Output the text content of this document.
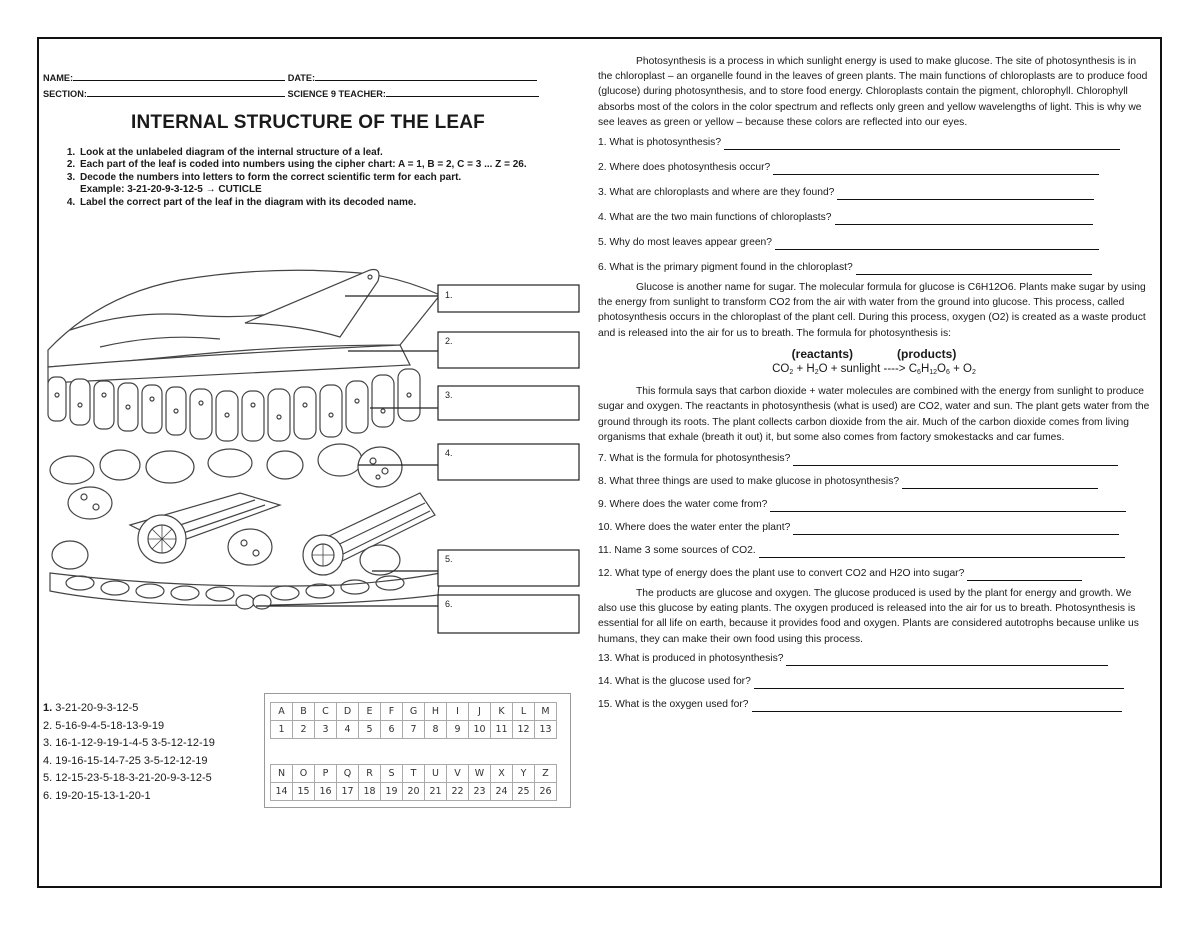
NAME:	DATE:
SECTION:	SCIENCE 9 TEACHER:
INTERNAL STRUCTURE OF THE LEAF
1. Look at the unlabeled diagram of the internal structure of a leaf.
2. Each part of the leaf is coded into numbers using the cipher chart: A = 1, B = 2, C = 3 ... Z = 26.
3. Decode the numbers into letters to form the correct scientific term for each part.
Example: 3-21-20-9-3-12-5 → CUTICLE
4. Label the correct part of the leaf in the diagram with its decoded name.
1.
2.
3.
4.
5.
6.
1. 3-21-20-9-3-12-5
2. 5-16-9-4-5-18-13-9-19
3. 16-1-12-9-19-1-4-5 3-5-12-12-19
4. 19-16-15-14-7-25 3-5-12-12-19
5. 12-15-23-5-18-3-21-20-9-3-12-5
6. 19-20-15-13-1-20-1
A	B	C	D	E	F	G	H	I	J	K	L	M
1	2	3	4	5	6	7	8	9	10	11	12	13
N	O	P	Q	R	S	T	U	V	W	X	Y	Z
14	15	16	17	18	19	20	21	22	23	24	25	26

Photosynthesis is a process in which sunlight energy is used to make glucose. The site of photosynthesis is in the chloroplast – an organelle found in the leaves of green plants. The main functions of chloroplasts are to produce food (glucose) during photosynthesis, and to store food energy. Chloroplasts contain the pigment, chlorophyll. Chlorophyll absorbs most of the colors in the color spectrum and reflects only green and yellow wavelengths of light. This is why we see leaves as green or yellow – because these colors are reflected into our eyes.

1. What is photosynthesis?
2. Where does photosynthesis occur?
3. What are chloroplasts and where are they found?
4. What are the two main functions of chloroplasts?
5. Why do most leaves appear green?
6. What is the primary pigment found in the chloroplast?

Glucose is another name for sugar. The molecular formula for glucose is C6H12O6. Plants make sugar by using the energy from sunlight to transform CO2 from the air with water from the ground into glucose. This process, called photosynthesis occurs in the chloroplast of the plant cell. During this process, oxygen (O2) is created as a waste product and is released into the air for us to breath. The formula for photosynthesis is:

(reactants)	(products)
$CO_2 + H_2O$ + sunlight ----> $C_6H_{12}O_6 + O_2$

This formula says that carbon dioxide + water molecules are combined with the energy from sunlight to produce sugar and oxygen. The reactants in photosynthesis (what is used) are CO2, water and sun. The plant gets water from the ground through its roots. The plant collects carbon dioxide from the air. Much of the carbon dioxide comes from living organisms that exhale (breath it out) it, but some also comes from factory smokestacks and car fumes.

7. What is the formula for photosynthesis?
8. What three things are used to make glucose in photosynthesis?
9. Where does the water come from?
10. Where does the water enter the plant?
11. Name 3 some sources of CO2.
12. What type of energy does the plant use to convert CO2 and H2O into sugar?

The products are glucose and oxygen. The glucose produced is used by the plant for energy and growth. We also use this glucose by eating plants. The oxygen produced is released into the air for us to breath. Photosynthesis is essential for all life on earth, because it provides food and oxygen. Plants are considered autotrophs because unlike us humans, they can make their own food using this process.

13. What is produced in photosynthesis?
14. What is the glucose used for?
15. What is the oxygen used for?
